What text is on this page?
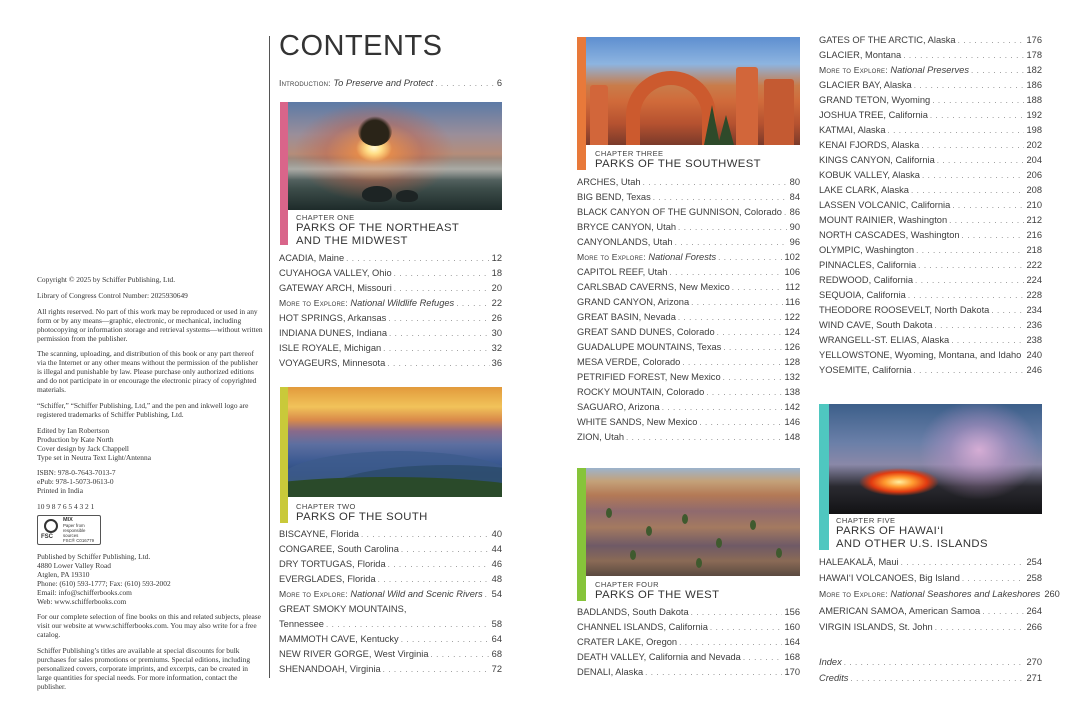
Copyright © 2025 by Schiffer Publishing, Ltd.

Library of Congress Control Number: 2025930649

All rights reserved. No part of this work may be reproduced or used in any form or by any means—graphic, electronic, or mechanical, including photocopying or information storage and retrieval systems—without written permission from the publisher.

The scanning, uploading, and distribution of this book or any part thereof via the Internet or any other means without the permission of the publisher is illegal and punishable by law. Please purchase only authorized editions and do not participate in or encourage the electronic piracy of copyrighted materials.

“Schiffer,” “Schiffer Publishing, Ltd,” and the pen and inkwell logo are registered trademarks of Schiffer Publishing, Ltd.

Edited by Ian Robertson
Production by Kate North
Cover design by Jack Chappell
Type set in Neutra Text Light/Antenna

ISBN: 978-0-7643-7013-7
ePub: 978-1-5073-0613-0
Printed in India

10 9 8 7 6 5 4 3 2 1

FSC
MIX
Paper from
responsible sources
FSC® C016779

Published by Schiffer Publishing, Ltd.
4880 Lower Valley Road
Atglen, PA 19310
Phone: (610) 593-1777; Fax: (610) 593-2002
Email: info@schifferbooks.com
Web: www.schifferbooks.com

For our complete selection of fine books on this and related subjects, please visit our website at www.schifferbooks.com. You may also write for a free catalog.

Schiffer Publishing’s titles are available at special discounts for bulk purchases for sales promotions or premiums. Special editions, including personalized covers, corporate imprints, and excerpts, can be created in large quantities for special needs. For more information, contact the publisher.

CONTENTS
Introduction: To Preserve and Protect . . .	6
CHAPTER ONE
PARKS OF THE NORTHEAST
AND THE MIDWEST
CHAPTER TWO
PARKS OF THE SOUTH
CHAPTER THREE
PARKS OF THE SOUTHWEST
CHAPTER FOUR
PARKS OF THE WEST
CHAPTER FIVE
PARKS OF HAWAI‘I
AND OTHER U.S. ISLANDS
ACADIA, Maine . . .	12
CUYAHOGA VALLEY, Ohio . . .	18
GATEWAY ARCH, Missouri . . .	20
More to Explore: National Wildlife Refuges . . .	22
HOT SPRINGS, Arkansas . . .	26
INDIANA DUNES, Indiana . . .	30
ISLE ROYALE, Michigan . . .	32
VOYAGEURS, Minnesota . . .	36
BISCAYNE, Florida . . .	40
CONGAREE, South Carolina . . .	44
DRY TORTUGAS, Florida . . .	46
EVERGLADES, Florida . . .	48
More to Explore: National Wild and Scenic Rivers . . . 54
GREAT SMOKY MOUNTAINS,
Tennessee . . .	58
MAMMOTH CAVE, Kentucky . . .	64
NEW RIVER GORGE, West Virginia . . .	68
SHENANDOAH, Virginia . . .	72
ARCHES, Utah . . .	80
BIG BEND, Texas . . .	84
BLACK CANYON OF THE GUNNISON, Colorado . . . 86
BRYCE CANYON, Utah . . .	90
CANYONLANDS, Utah . . .	96
More to Explore: National Forests . . .	102
CAPITOL REEF, Utah . . .	106
CARLSBAD CAVERNS, New Mexico . . .	112
GRAND CANYON, Arizona . . .	116
GREAT BASIN, Nevada . . .	122
GREAT SAND DUNES, Colorado . . .	124
GUADALUPE MOUNTAINS, Texas . . .	126
MESA VERDE, Colorado . . .	128
PETRIFIED FOREST, New Mexico . . .	132
ROCKY MOUNTAIN, Colorado . . .	138
SAGUARO, Arizona . . .	142
WHITE SANDS, New Mexico . . .	146
ZION, Utah . . .	148
BADLANDS, South Dakota . . .	156
CHANNEL ISLANDS, California . . .	160
CRATER LAKE, Oregon . . .	164
DEATH VALLEY, California and Nevada . . .	168
DENALI, Alaska . . .	170
GATES OF THE ARCTIC, Alaska . . .	176
GLACIER, Montana . . .	178
More to Explore: National Preserves . . .	182
GLACIER BAY, Alaska . . .	186
GRAND TETON, Wyoming . . .	188
JOSHUA TREE, California . . .	192
KATMAI, Alaska . . .	198
KENAI FJORDS, Alaska . . .	202
KINGS CANYON, California . . .	204
KOBUK VALLEY, Alaska . . .	206
LAKE CLARK, Alaska . . .	208
LASSEN VOLCANIC, California . . .	210
MOUNT RAINIER, Washington . . .	212
NORTH CASCADES, Washington . . .	216
OLYMPIC, Washington . . .	218
PINNACLES, California . . .	222
REDWOOD, California . . .	224
SEQUOIA, California . . .	228
THEODORE ROOSEVELT, North Dakota . . .	234
WIND CAVE, South Dakota . . .	236
WRANGELL-ST. ELIAS, Alaska . . .	238
YELLOWSTONE, Wyoming, Montana, and Idaho . . . 240
YOSEMITE, California . . .	246
HALEAKALĀ, Maui . . .	254
HAWAI‘I VOLCANOES, Big Island . . .	258
More to Explore: National Seashores and Lakeshores 260
AMERICAN SAMOA, American Samoa . . .	264
VIRGIN ISLANDS, St. John . . .	266
Index . . .	270
Credits . . .	271
